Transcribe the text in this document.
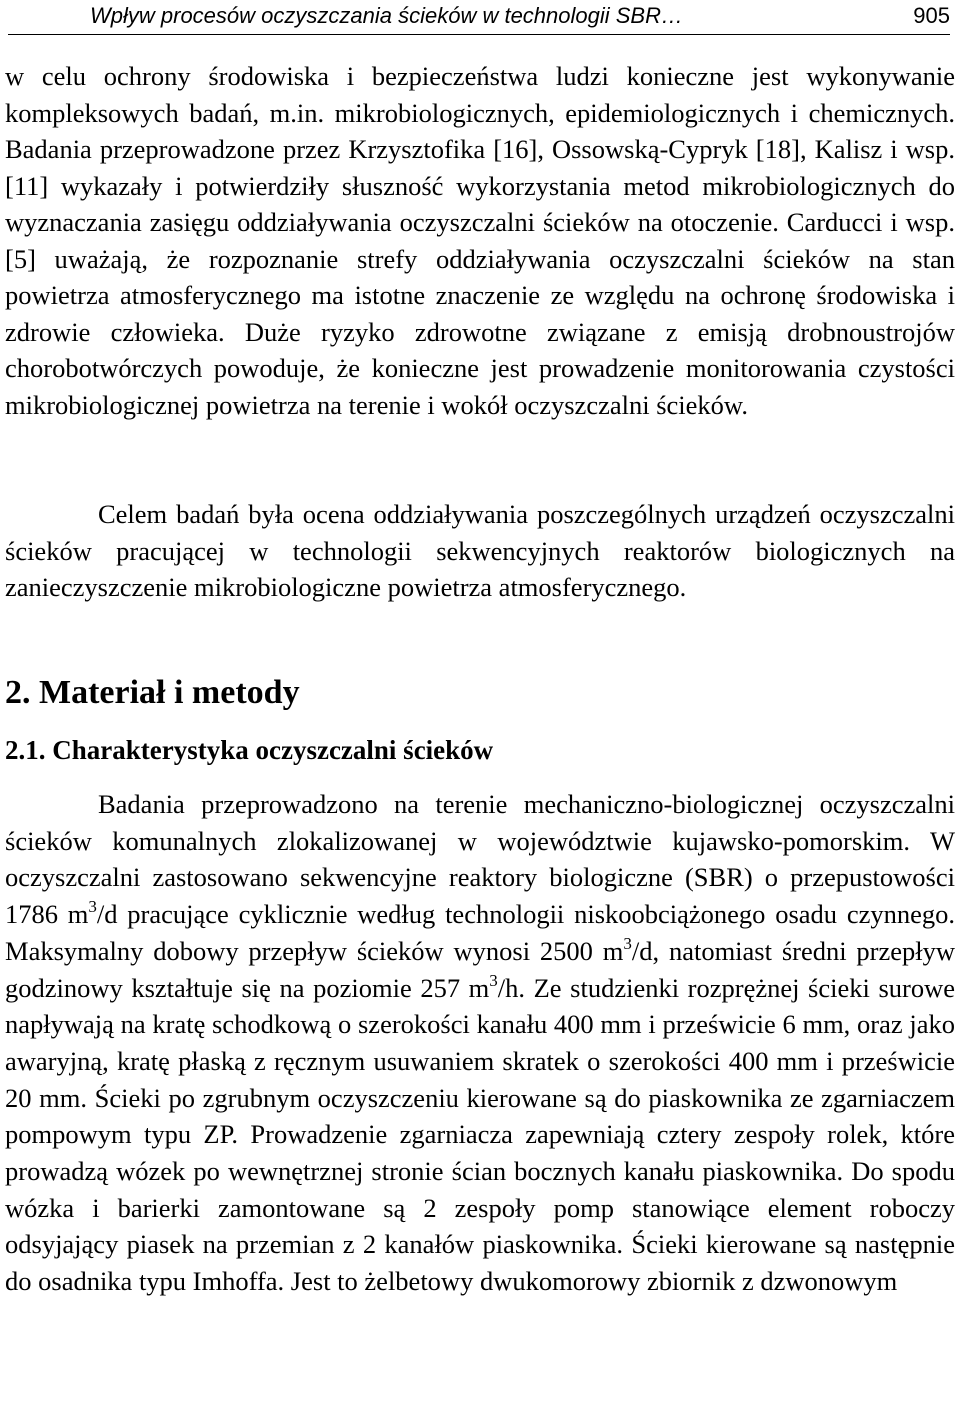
Wpływ procesów oczyszczania ścieków w technologii SBR…	905

w celu ochrony środowiska i bezpieczeństwa ludzi konieczne jest wykonywanie kompleksowych badań, m.in. mikrobiologicznych, epidemiologicznych i chemicznych. Badania przeprowadzone przez Krzysztofika [16], Ossowską-Cypryk [18], Kalisz i wsp. [11] wykazały i potwierdziły słuszność wykorzystania metod mikrobiologicznych do wyznaczania zasięgu oddziaływania oczyszczalni ścieków na otoczenie. Carducci i wsp. [5] uważają, że rozpoznanie strefy oddziaływania oczyszczalni ścieków na stan powietrza atmosferycznego ma istotne znaczenie ze względu na ochronę środowiska i zdrowie człowieka. Duże ryzyko zdrowotne związane z emisją drobnoustrojów chorobotwórczych powoduje, że konieczne jest prowadzenie monitorowania czystości mikrobiologicznej powietrza na terenie i wokół oczyszczalni ścieków.

Celem badań była ocena oddziaływania poszczególnych urządzeń oczyszczalni ścieków pracującej w technologii sekwencyjnych reaktorów biologicznych na zanieczyszczenie mikrobiologiczne powietrza atmosferycznego.

2. Materiał i metody
2.1. Charakterystyka oczyszczalni ścieków

Badania przeprowadzono na terenie mechaniczno-biologicznej oczyszczalni ścieków komunalnych zlokalizowanej w województwie kujawsko-pomorskim. W oczyszczalni zastosowano sekwencyjne reaktory biologiczne (SBR) o przepustowości 1786 $m^3/d$ pracujące cyklicznie według technologii niskoobciążonego osadu czynnego. Maksymalny dobowy przepływ ścieków wynosi 2500 $m^3/d$, natomiast średni przepływ godzinowy kształtuje się na poziomie 257 $m^3/h$. Ze studzienki rozprężnej ścieki surowe napływają na kratę schodkową o szerokości kanału 400 mm i prześwicie 6 mm, oraz jako awaryjną, kratę płaską z ręcznym usuwaniem skratek o szerokości 400 mm i prześwicie 20 mm. Ścieki po zgrubnym oczyszczeniu kierowane są do piaskownika ze zgarniaczem pompowym typu ZP. Prowadzenie zgarniacza zapewniają cztery zespoły rolek, które prowadzą wózek po wewnętrznej stronie ścian bocznych kanału piaskownika. Do spodu wózka i barierki zamontowane są 2 zespoły pomp stanowiące element roboczy odsyjający piasek na przemian z 2 kanałów piaskownika. Ścieki kierowane są następnie do osadnika typu Imhoffa. Jest to żelbetowy dwukomorowy zbiornik z dzwonowym
